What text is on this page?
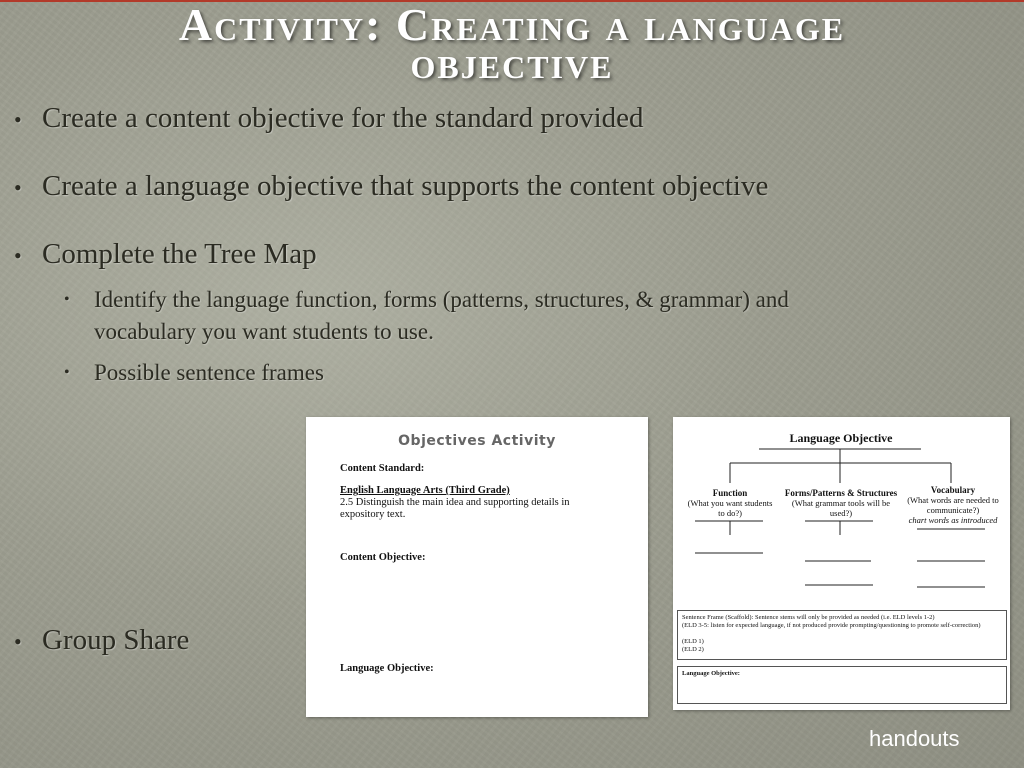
Activity: Creating a language
objective

• Create a content objective for the standard provided

• Create a language objective that supports the content objective

• Complete the Tree Map

• Identify the language function, forms (patterns, structures, & grammar) and
vocabulary you want students to use.

• Possible sentence frames

• Group Share

Objectives Activity
Content Standard:
English Language Arts (Third Grade)
2.5 Distinguish the main idea and supporting details in
expository text.
Content Objective:
Language Objective:
Language Objective
Function
(What you want students
to do?)
Forms/Patterns & Structures
(What grammar tools will be
used?)
Vocabulary
(What words are needed to
communicate?)
chart words as introduced
Sentence Frame (Scaffold): Sentence stems will only be provided as needed (i.e. ELD levels 1-2)
(ELD 3-5: listen for expected language, if not produced provide prompting/questioning to promote self-correction)

(ELD 1)
(ELD 2)
Language Objective:
handouts
